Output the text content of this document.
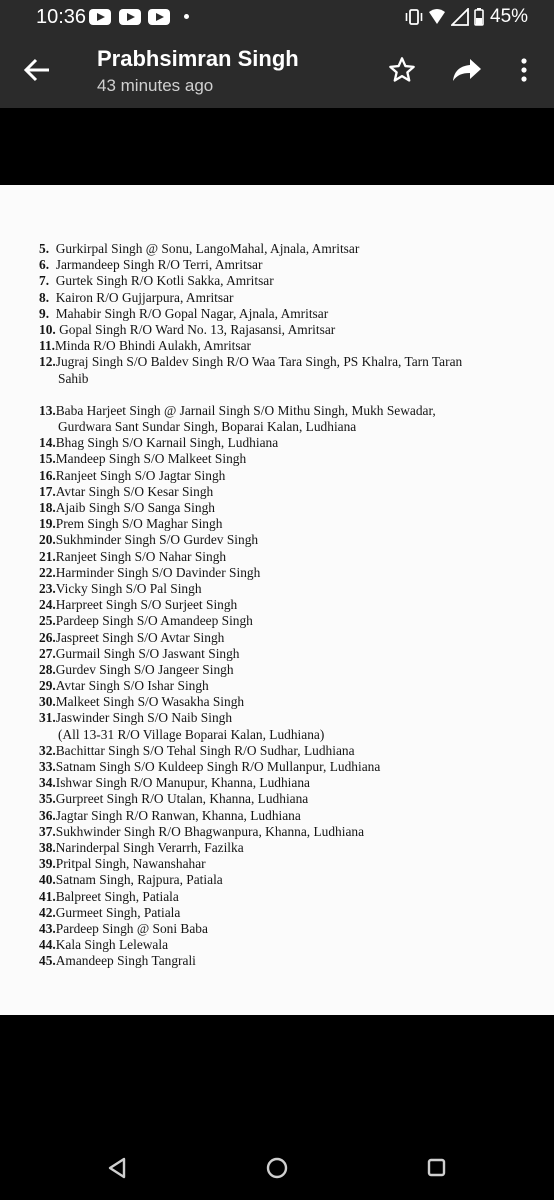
10:36	45%
Prabhsimran Singh
43 minutes ago
5.  Gurkirpal Singh @ Sonu, LangoMahal, Ajnala, Amritsar
6.  Jarmandeep Singh R/O Terri, Amritsar
7.  Gurtek Singh R/O Kotli Sakka, Amritsar
8.  Kairon R/O Gujjarpura, Amritsar
9.  Mahabir Singh R/O Gopal Nagar, Ajnala, Amritsar
10. Gopal Singh R/O Ward No. 13, Rajasansi, Amritsar
11.Minda R/O Bhindi Aulakh, Amritsar
12.Jugraj Singh S/O Baldev Singh R/O Waa Tara Singh, PS Khalra, Tarn Taran
Sahib
13.Baba Harjeet Singh @ Jarnail Singh S/O Mithu Singh, Mukh Sewadar,
Gurdwara Sant Sundar Singh, Boparai Kalan, Ludhiana
14.Bhag Singh S/O Karnail Singh, Ludhiana
15.Mandeep Singh S/O Malkeet Singh
16.Ranjeet Singh S/O Jagtar Singh
17.Avtar Singh S/O Kesar Singh
18.Ajaib Singh S/O Sanga Singh
19.Prem Singh S/O Maghar Singh
20.Sukhminder Singh S/O Gurdev Singh
21.Ranjeet Singh S/O Nahar Singh
22.Harminder Singh S/O Davinder Singh
23.Vicky Singh S/O Pal Singh
24.Harpreet Singh S/O Surjeet Singh
25.Pardeep Singh S/O Amandeep Singh
26.Jaspreet Singh S/O Avtar Singh
27.Gurmail Singh S/O Jaswant Singh
28.Gurdev Singh S/O Jangeer Singh
29.Avtar Singh S/O Ishar Singh
30.Malkeet Singh S/O Wasakha Singh
31.Jaswinder Singh S/O Naib Singh
(All 13-31 R/O Village Boparai Kalan, Ludhiana)
32.Bachittar Singh S/O Tehal Singh R/O Sudhar, Ludhiana
33.Satnam Singh S/O Kuldeep Singh R/O Mullanpur, Ludhiana
34.Ishwar Singh R/O Manupur, Khanna, Ludhiana
35.Gurpreet Singh R/O Utalan, Khanna, Ludhiana
36.Jagtar Singh R/O Ranwan, Khanna, Ludhiana
37.Sukhwinder Singh R/O Bhagwanpura, Khanna, Ludhiana
38.Narinderpal Singh Verarrh, Fazilka
39.Pritpal Singh, Nawanshahar
40.Satnam Singh, Rajpura, Patiala
41.Balpreet Singh, Patiala
42.Gurmeet Singh, Patiala
43.Pardeep Singh @ Soni Baba
44.Kala Singh Lelewala
45.Amandeep Singh Tangrali
